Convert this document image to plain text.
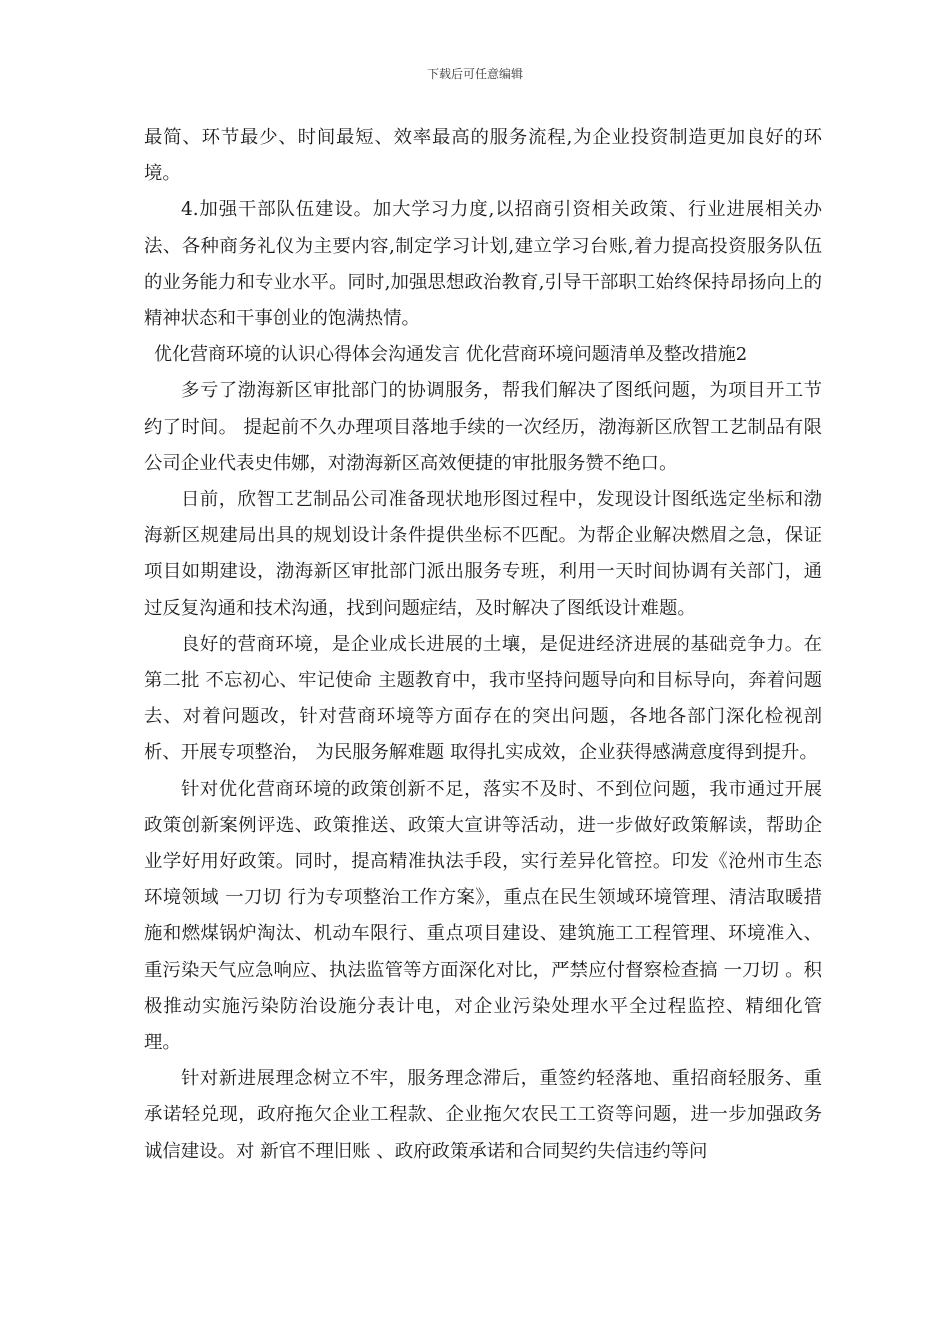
下载后可任意编辑

最简、环节最少、时间最短、效率最高的服务流程,为企业投资制造更加良好的环境。

4.加强干部队伍建设。加大学习力度,以招商引资相关政策、行业进展相关办法、各种商务礼仪为主要内容,制定学习计划,建立学习台账,着力提高投资服务队伍的业务能力和专业水平。同时,加强思想政治教育,引导干部职工始终保持昂扬向上的精神状态和干事创业的饱满热情。

优化营商环境的认识心得体会沟通发言 优化营商环境问题清单及整改措施2

多亏了渤海新区审批部门的协调服务，帮我们解决了图纸问题，为项目开工节约了时间。 提起前不久办理项目落地手续的一次经历，渤海新区欣智工艺制品有限公司企业代表史伟娜，对渤海新区高效便捷的审批服务赞不绝口。

日前，欣智工艺制品公司准备现状地形图过程中，发现设计图纸选定坐标和渤海新区规建局出具的规划设计条件提供坐标不匹配。为帮企业解决燃眉之急，保证项目如期建设，渤海新区审批部门派出服务专班，利用一天时间协调有关部门，通过反复沟通和技术沟通，找到问题症结，及时解决了图纸设计难题。

良好的营商环境，是企业成长进展的土壤，是促进经济进展的基础竞争力。在第二批 不忘初心、牢记使命 主题教育中，我市坚持问题导向和目标导向，奔着问题去、对着问题改，针对营商环境等方面存在的突出问题，各地各部门深化检视剖析、开展专项整治， 为民服务解难题 取得扎实成效，企业获得感满意度得到提升。

针对优化营商环境的政策创新不足，落实不及时、不到位问题，我市通过开展政策创新案例评选、政策推送、政策大宣讲等活动，进一步做好政策解读，帮助企业学好用好政策。同时，提高精准执法手段，实行差异化管控。印发《沧州市生态环境领域 一刀切 行为专项整治工作方案》，重点在民生领域环境管理、清洁取暖措施和燃煤锅炉淘汰、机动车限行、重点项目建设、建筑施工工程管理、环境准入、重污染天气应急响应、执法监管等方面深化对比，严禁应付督察检查搞 一刀切 。积极推动实施污染防治设施分表计电，对企业污染处理水平全过程监控、精细化管理。

针对新进展理念树立不牢，服务理念滞后，重签约轻落地、重招商轻服务、重承诺轻兑现，政府拖欠企业工程款、企业拖欠农民工工资等问题，进一步加强政务诚信建设。对 新官不理旧账 、政府政策承诺和合同契约失信违约等问
